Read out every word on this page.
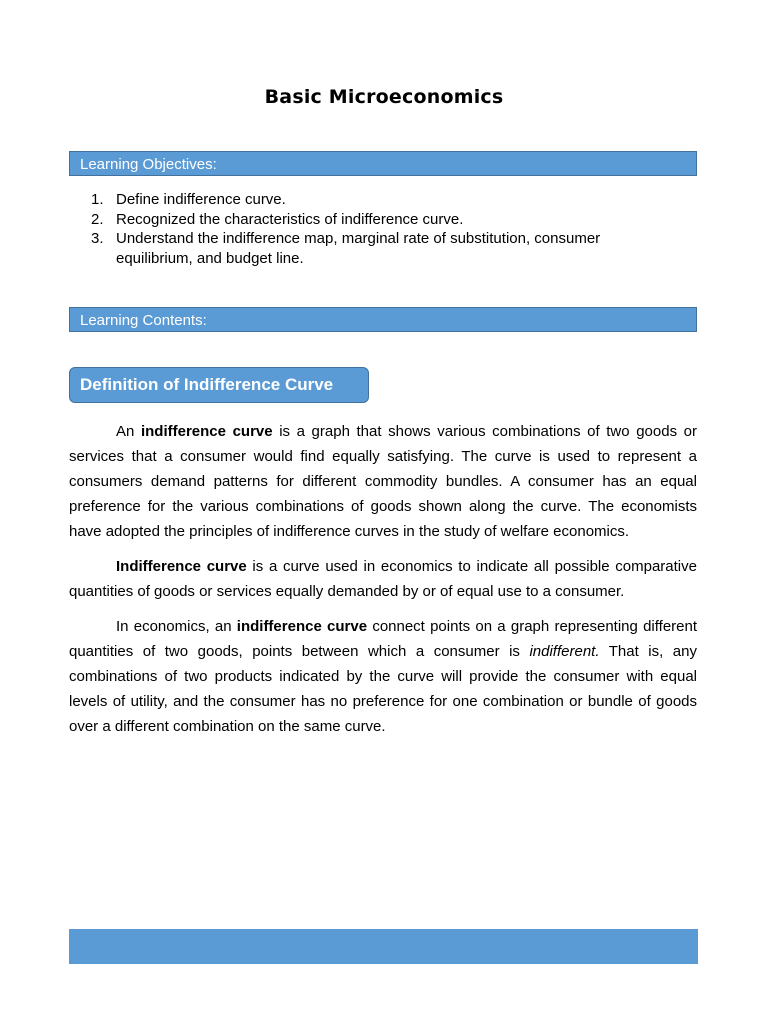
Basic Microeconomics
Learning Objectives:
1. Define indifference curve.
2. Recognized the characteristics of indifference curve.
3. Understand the indifference map, marginal rate of substitution, consumer equilibrium, and budget line.
Learning Contents:
Definition of Indifference Curve

An indifference curve is a graph that shows various combinations of two goods or services that a consumer would find equally satisfying. The curve is used to represent a consumers demand patterns for different commodity bundles. A consumer has an equal preference for the various combinations of goods shown along the curve. The economists have adopted the principles of indifference curves in the study of welfare economics.

Indifference curve is a curve used in economics to indicate all possible comparative quantities of goods or services equally demanded by or of equal use to a consumer.

In economics, an indifference curve connect points on a graph representing different quantities of two goods, points between which a consumer is indifferent. That is, any combinations of two products indicated by the curve will provide the consumer with equal levels of utility, and the consumer has no preference for one combination or bundle of goods over a different combination on the same curve.
